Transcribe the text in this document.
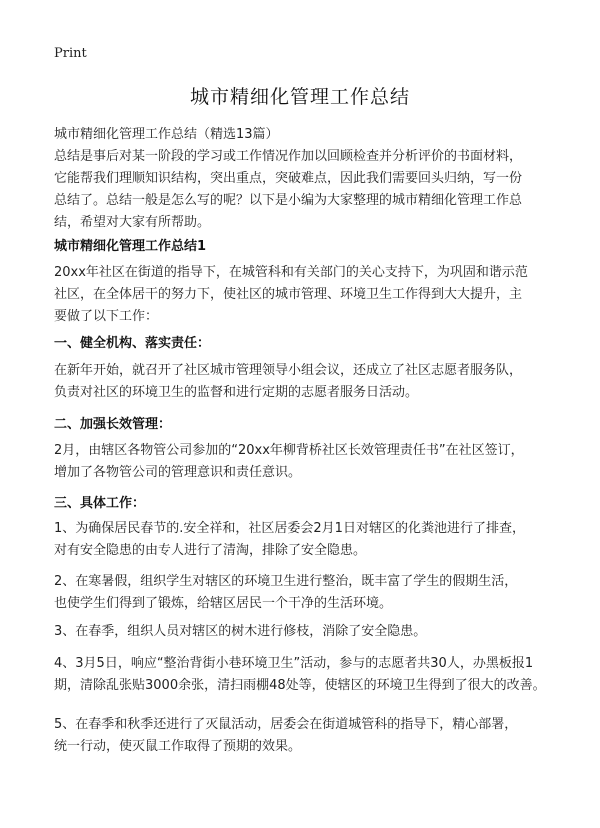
Print
城市精细化管理工作总结
城市精细化管理工作总结（精选13篇）
总结是事后对某一阶段的学习或工作情况作加以回顾检查并分析评价的书面材料，
它能帮我们理顺知识结构，突出重点，突破难点，因此我们需要回头归纳，写一份
总结了。总结一般是怎么写的呢？以下是小编为大家整理的城市精细化管理工作总
结，希望对大家有所帮助。
城市精细化管理工作总结1
20xx年社区在街道的指导下，在城管科和有关部门的关心支持下，为巩固和谐示范
社区，在全体居干的努力下，使社区的城市管理、环境卫生工作得到大大提升，主
要做了以下工作：
一、健全机构、落实责任：
在新年开始，就召开了社区城市管理领导小组会议，还成立了社区志愿者服务队，
负责对社区的环境卫生的监督和进行定期的志愿者服务日活动。
二、加强长效管理：
2月，由辖区各物管公司参加的“20xx年柳背桥社区长效管理责任书”在社区签订，
增加了各物管公司的管理意识和责任意识。
三、具体工作：
1、为确保居民春节的.安全祥和，社区居委会2月1日对辖区的化粪池进行了排查，
对有安全隐患的由专人进行了清淘，排除了安全隐患。
2、在寒暑假，组织学生对辖区的环境卫生进行整治，既丰富了学生的假期生活，
也使学生们得到了锻炼，给辖区居民一个干净的生活环境。
3、在春季，组织人员对辖区的树木进行修枝，消除了安全隐患。
4、3月5日，响应“整治背街小巷环境卫生”活动，参与的志愿者共30人，办黑板报1
期，清除乱张贴3000余张，清扫雨棚48处等，使辖区的环境卫生得到了很大的改善。
5、在春季和秋季还进行了灭鼠活动，居委会在街道城管科的指导下，精心部署，
统一行动，使灭鼠工作取得了预期的效果。
